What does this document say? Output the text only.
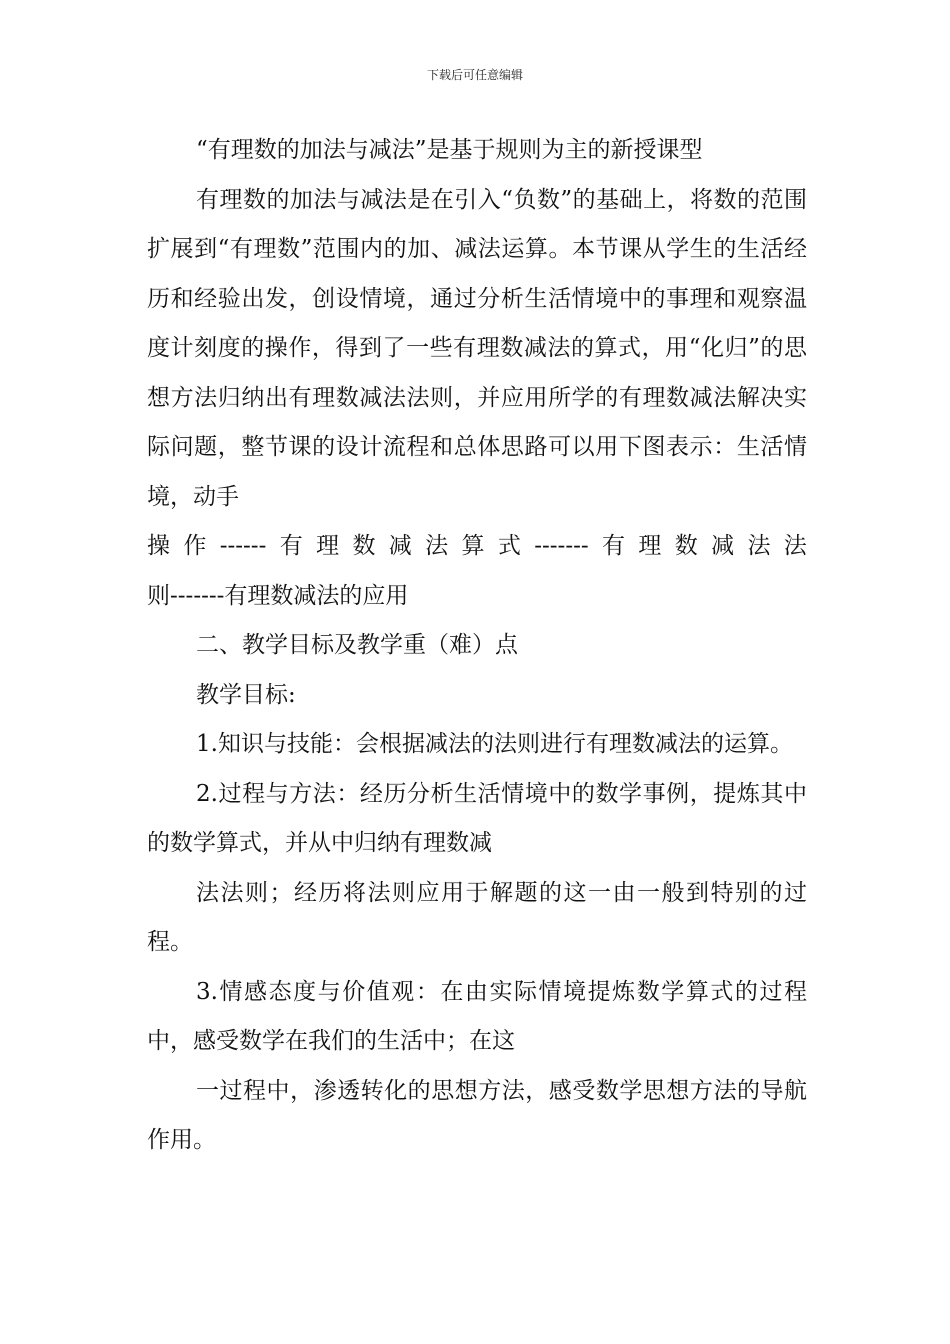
下载后可任意编辑

“有理数的加法与减法”是基于规则为主的新授课型

有理数的加法与减法是在引入“负数”的基础上，将数的范围扩展到“有理数”范围内的加、减法运算。本节课从学生的生活经历和经验出发，创设情境，通过分析生活情境中的事理和观察温度计刻度的操作，得到了一些有理数减法的算式，用“化归”的思想方法归纳出有理数减法法则，并应用所学的有理数减法解决实际问题，整节课的设计流程和总体思路可以用下图表示：生活情境，动手

操 作 ------ 有 理 数 减 法 算 式 ------- 有 理 数 减 法 法

则-------有理数减法的应用

二、教学目标及教学重（难）点

教学目标:

1.知识与技能：会根据减法的法则进行有理数减法的运算。

2.过程与方法：经历分析生活情境中的数学事例，提炼其中的数学算式，并从中归纳有理数减

法法则；经历将法则应用于解题的这一由一般到特别的过程。

3.情感态度与价值观：在由实际情境提炼数学算式的过程中，感受数学在我们的生活中；在这

一过程中，渗透转化的思想方法，感受数学思想方法的导航作用。
